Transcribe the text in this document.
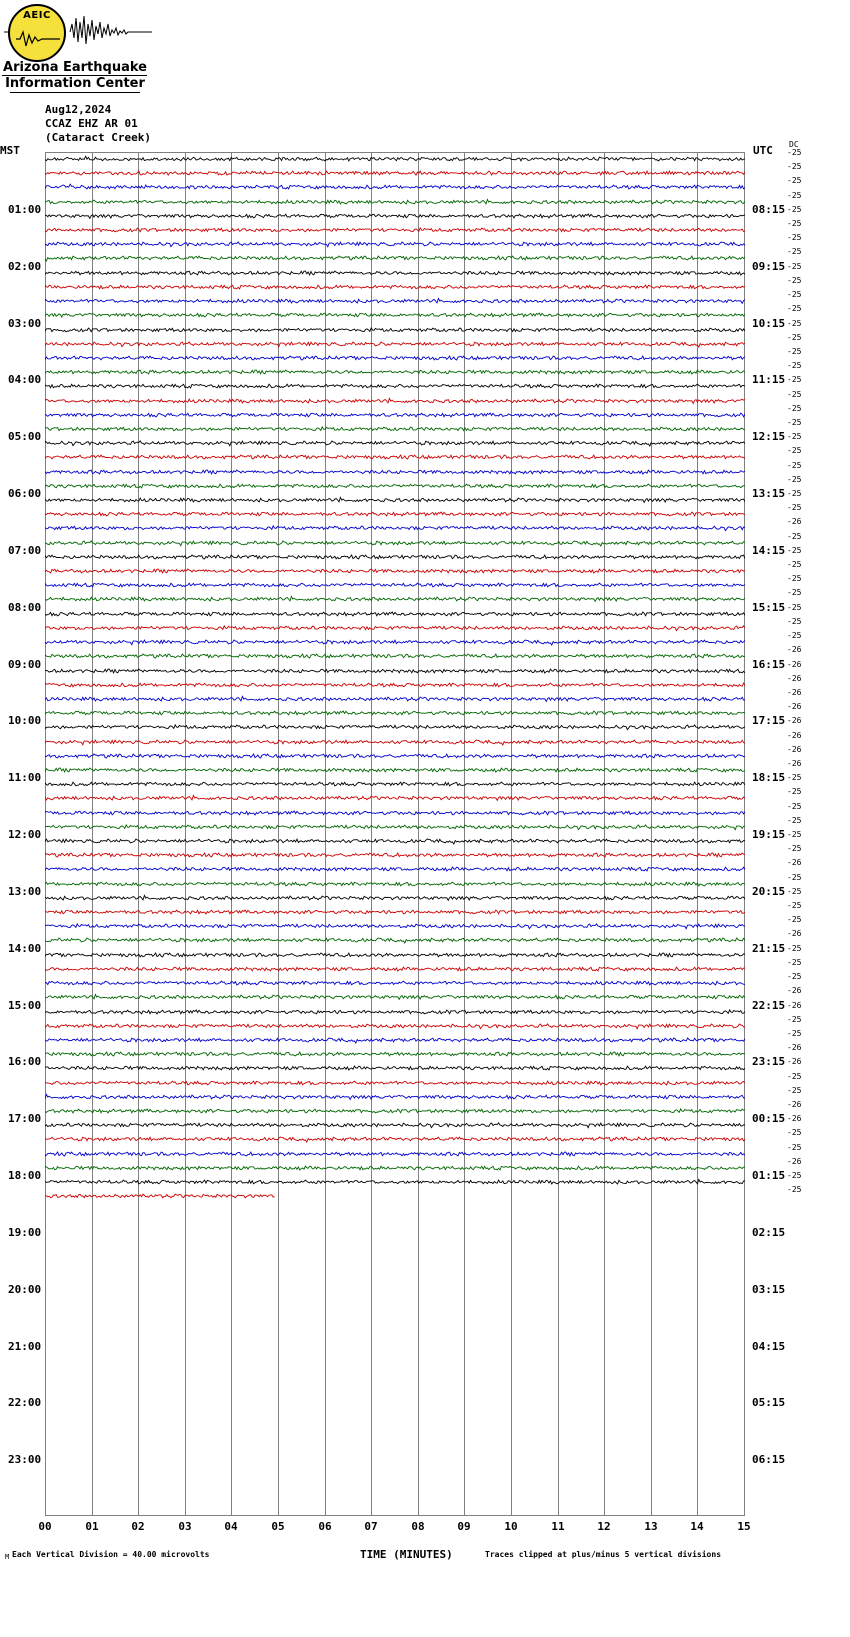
AEIC
Arizona Earthquake
Information Center
Aug12,2024
CCAZ EHZ AR 01
(Cataract Creek)
MST	UTC DC
M Each Vertical Division = 40.00 microvolts	TIME (MINUTES)	Traces clipped at plus/minus 5 vertical divisions
01:00	08:15
02:00	09:15
03:00	10:15
04:00	11:15
05:00	12:15
06:00	13:15
07:00	14:15
08:00	15:15
09:00	16:15
10:00	17:15
11:00	18:15
12:00	19:15
13:00	20:15
14:00	21:15
15:00	22:15
16:00	23:15
17:00	00:15
18:00	01:15
19:00	02:15
20:00	03:15
21:00	04:15
22:00	05:15
23:00	06:15
-25
-25
-25
-25
-25
-25
-25
-25
-25
-25
-25
-25
-25
-25
-25
-25
-25
-25
-25
-25
-25
-25
-25
-25
-25
-25
-26
-25
-25
-25
-25
-25
-25
-25
-25
-26
-26
-26
-26
-26
-26
-26
-26
-26
-25
-25
-25
-25
-25
-25
-26
-25
-25
-25
-25
-26
-25
-25
-25
-26
-26
-25
-25
-26
-26
-25
-25
-26
-26
-25
-25
-26
-25
-25
00	01	02	03	04	05	06	07	08	09	10	11	12	13	14	15
